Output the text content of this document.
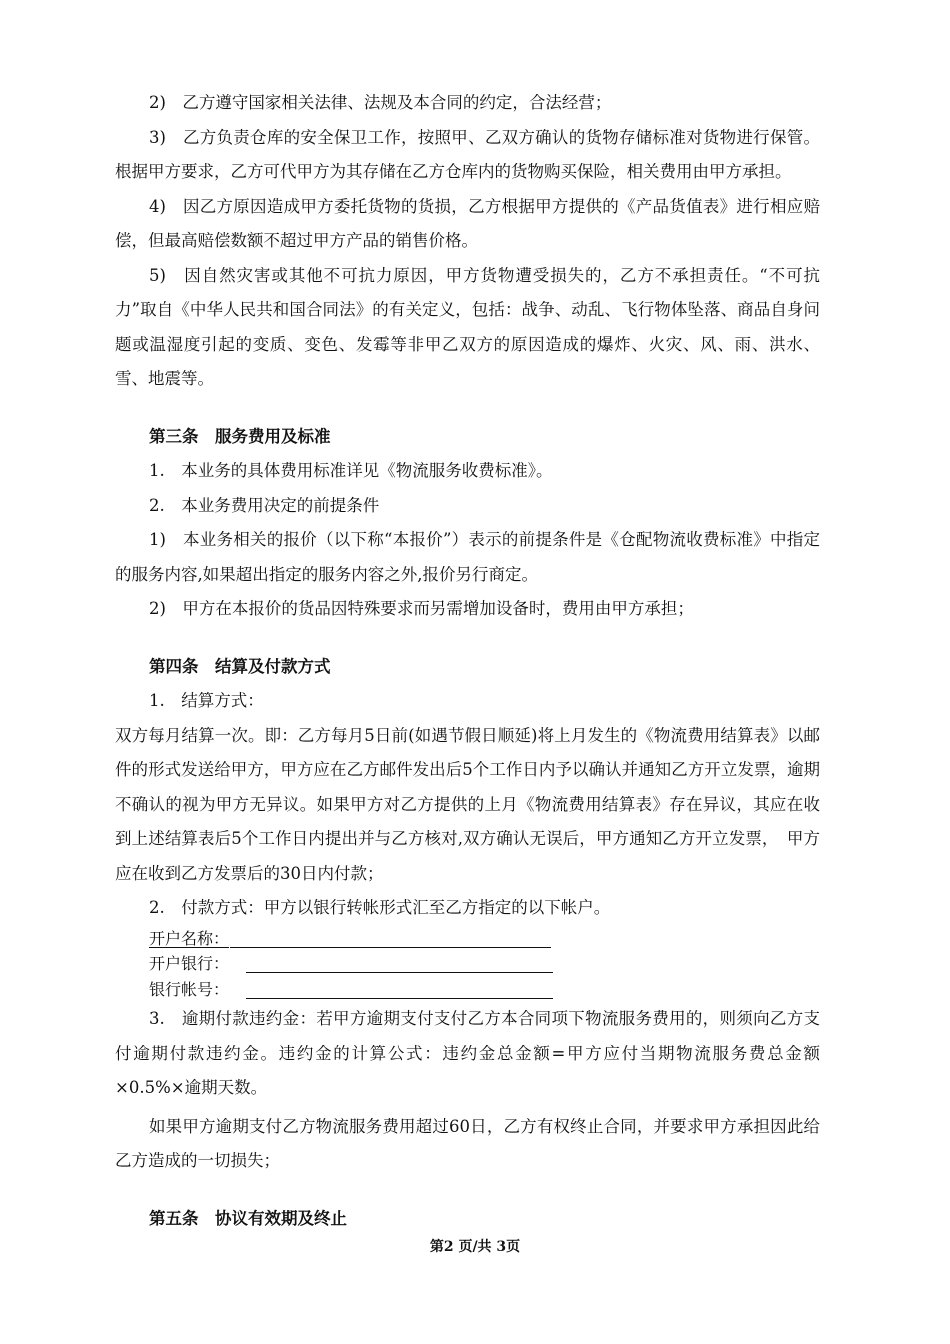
2)　乙方遵守国家相关法律、法规及本合同的约定，合法经营；

3)　乙方负责仓库的安全保卫工作，按照甲、乙双方确认的货物存储标准对货物进行保管。根据甲方要求，乙方可代甲方为其存储在乙方仓库内的货物购买保险，相关费用由甲方承担。

4)　因乙方原因造成甲方委托货物的货损，乙方根据甲方提供的《产品货值表》进行相应赔偿，但最高赔偿数额不超过甲方产品的销售价格。

5)　因自然灾害或其他不可抗力原因，甲方货物遭受损失的，乙方不承担责任。“不可抗力”取自《中华人民共和国合同法》的有关定义，包括：战争、动乱、飞行物体坠落、商品自身问题或温湿度引起的变质、变色、发霉等非甲乙双方的原因造成的爆炸、火灾、风、雨、洪水、雪、地震等。

第三条　服务费用及标准

1.　本业务的具体费用标准详见《物流服务收费标准》。

2.　本业务费用决定的前提条件

1)　本业务相关的报价（以下称“本报价”）表示的前提条件是《仓配物流收费标准》中指定的服务内容,如果超出指定的服务内容之外,报价另行商定。

2)　甲方在本报价的货品因特殊要求而另需增加设备时，费用由甲方承担；

第四条　结算及付款方式

1.　结算方式：

双方每月结算一次。即：乙方每月5日前(如遇节假日顺延)将上月发生的《物流费用结算表》以邮件的形式发送给甲方，甲方应在乙方邮件发出后5个工作日内予以确认并通知乙方开立发票，逾期不确认的视为甲方无异议。如果甲方对乙方提供的上月《物流费用结算表》存在异议，其应在收到上述结算表后5个工作日内提出并与乙方核对,双方确认无误后，甲方通知乙方开立发票，　甲方应在收到乙方发票后的30日内付款；

2.　付款方式：甲方以银行转帐形式汇至乙方指定的以下帐户。

开户名称：
开户银行：
银行帐号：

3.　逾期付款违约金：若甲方逾期支付支付乙方本合同项下物流服务费用的，则须向乙方支付逾期付款违约金。违约金的计算公式：违约金总金额=甲方应付当期物流服务费总金额×0.5%×逾期天数。

如果甲方逾期支付乙方物流服务费用超过60日，乙方有权终止合同，并要求甲方承担因此给乙方造成的一切损失；

第五条　协议有效期及终止

第2 页/共 3页
